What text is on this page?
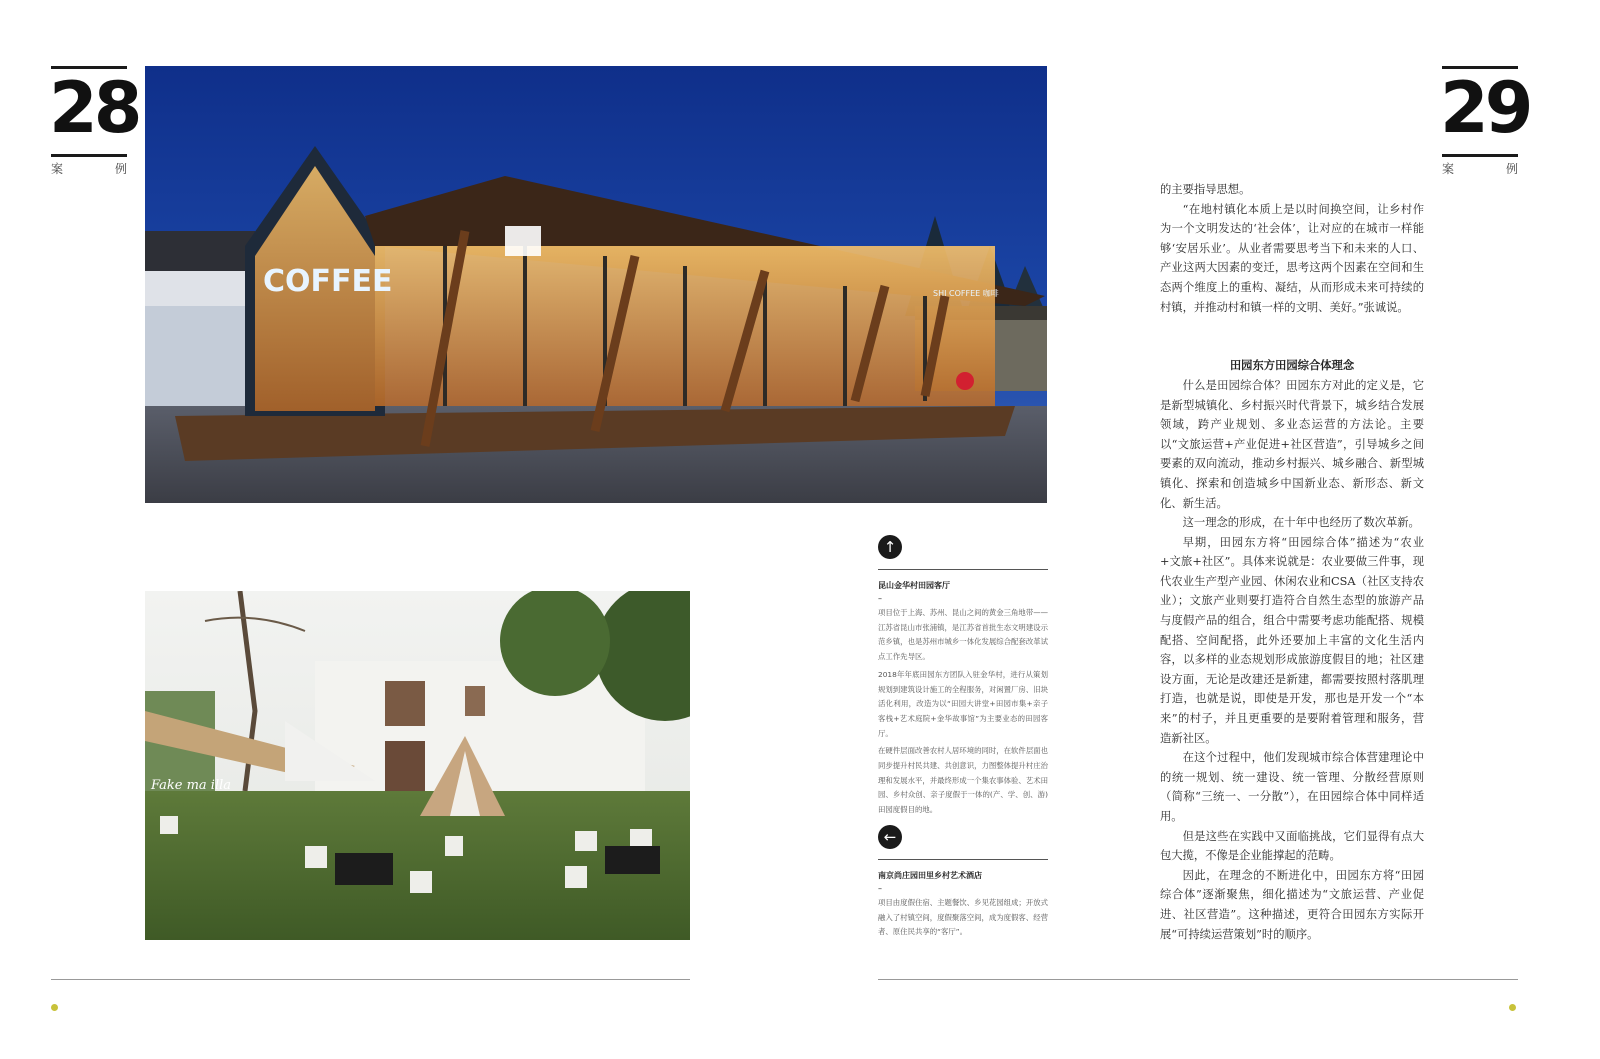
28
案	例
29
案	例
COFFEE	SHI COFFEE 咖啡
Fake ma illa
↑
昆山金华村田园客厅
–

项目位于上海、苏州、昆山之间的黄金三角地带——江苏省昆山市张浦镇，是江苏省首批生态文明建设示范乡镇，也是苏州市城乡一体化发展综合配套改革试点工作先导区。

2018年年底田园东方团队入驻金华村，进行从策划规划到建筑设计施工的全程服务，对闲置厂房、旧块活化利用，改造为以“田园大讲堂+田园市集+亲子客栈+艺术庭院+金华故事馆”为主要业态的田园客厅。

在硬件层面改善农村人居环境的同时，在软件层面也同步提升村民共建、共创意识，力图整体提升村庄治理和发展水平，并最终形成一个集农事体验、艺术田园、乡村众创、亲子度假于一体的(产、学、创、游)田园度假目的地。

←
南京尚庄园田里乡村艺术酒店
–

项目由度假住宿、主题餐饮、乡见花园组成；开放式融入了村镇空间，度假聚落空间，成为度假客、经营者、原住民共享的“客厅”。

的主要指导思想。

“在地村镇化本质上是以时间换空间，让乡村作为一个文明发达的‘社会体’，让对应的在城市一样能够‘安居乐业’。从业者需要思考当下和未来的人口、产业这两大因素的变迁，思考这两个因素在空间和生态两个维度上的重构、凝结，从而形成未来可持续的村镇，并推动村和镇一样的文明、美好。”张诚说。

田园东方田园综合体理念

什么是田园综合体？田园东方对此的定义是，它是新型城镇化、乡村振兴时代背景下，城乡结合发展领域，跨产业规划、多业态运营的方法论。主要以“文旅运营+产业促进+社区营造”，引导城乡之间要素的双向流动，推动乡村振兴、城乡融合、新型城镇化、探索和创造城乡中国新业态、新形态、新文化、新生活。

这一理念的形成，在十年中也经历了数次革新。

早期，田园东方将“田园综合体”描述为“农业+文旅+社区”。具体来说就是：农业要做三件事，现代农业生产型产业园、休闲农业和CSA（社区支持农业）；文旅产业则要打造符合自然生态型的旅游产品与度假产品的组合，组合中需要考虑功能配搭、规模配搭、空间配搭，此外还要加上丰富的文化生活内容，以多样的业态规划形成旅游度假目的地；社区建设方面，无论是改建还是新建，都需要按照村落肌理打造，也就是说，即使是开发，那也是开发一个“本来”的村子，并且更重要的是要附着管理和服务，营造新社区。

在这个过程中，他们发现城市综合体营建理论中的统一规划、统一建设、统一管理、分散经营原则（简称“三统一、一分散”），在田园综合体中同样适用。

但是这些在实践中又面临挑战，它们显得有点大包大揽，不像是企业能撑起的范畴。

因此，在理念的不断进化中，田园东方将“田园综合体”逐渐聚焦，细化描述为“文旅运营、产业促进、社区营造”。这种描述，更符合田园东方实际开展“可持续运营策划”时的顺序。
